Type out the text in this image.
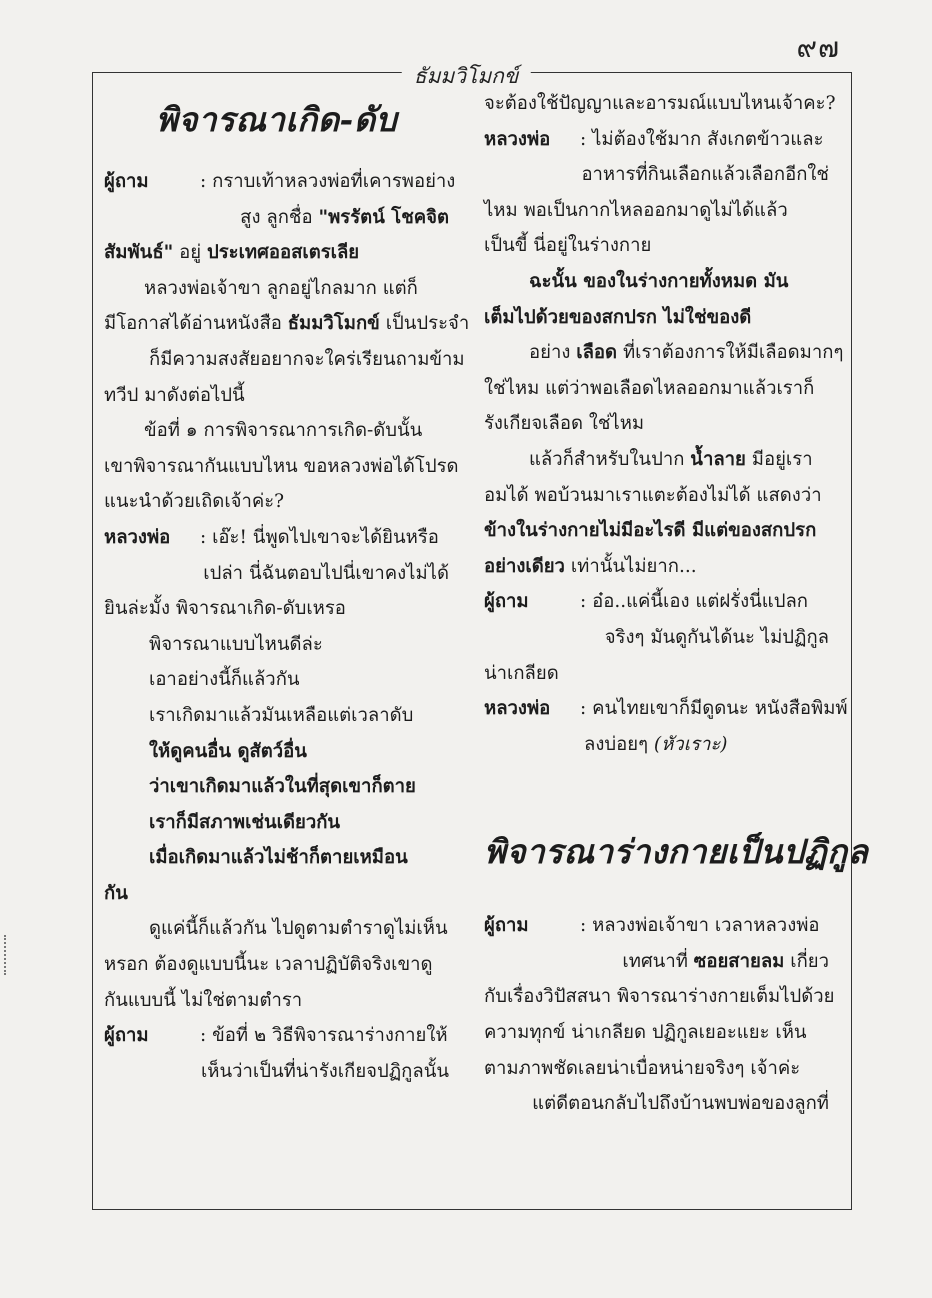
๙๗
ธัมมวิโมกข์

พิจารณาเกิด-ดับ

ผู้ถาม	: กราบเท้าหลวงพ่อที่เคารพอย่าง

สูง ลูกชื่อ "พรรัตน์ โชคจิต

สัมพันธ์" อยู่ ประเทศออสเตรเลีย

หลวงพ่อเจ้าขา ลูกอยู่ไกลมาก แต่ก็

มีโอกาสได้อ่านหนังสือ ธัมมวิโมกข์ เป็นประจำ

ก็มีความสงสัยอยากจะใคร่เรียนถามข้าม

ทวีป มาดังต่อไปนี้

ข้อที่ ๑ การพิจารณาการเกิด-ดับนั้น

เขาพิจารณากันแบบไหน ขอหลวงพ่อได้โปรด

แนะนำด้วยเถิดเจ้าค่ะ?

หลวงพ่อ : เอ๊ะ! นี่พูดไปเขาจะได้ยินหรือ

เปล่า นี่ฉันตอบไปนี่เขาคงไม่ได้

ยินล่ะมั้ง พิจารณาเกิด-ดับเหรอ

พิจารณาแบบไหนดีล่ะ

เอาอย่างนี้ก็แล้วกัน

เราเกิดมาแล้วมันเหลือแต่เวลาดับ

ให้ดูคนอื่น ดูสัตว์อื่น

ว่าเขาเกิดมาแล้วในที่สุดเขาก็ตาย

เราก็มีสภาพเช่นเดียวกัน

เมื่อเกิดมาแล้วไม่ช้าก็ตายเหมือน

กัน

ดูแค่นี้ก็แล้วกัน ไปดูตามตำราดูไม่เห็น

หรอก ต้องดูแบบนี้นะ เวลาปฏิบัติจริงเขาดู

กันแบบนี้ ไม่ใช่ตามตำรา

ผู้ถาม	: ข้อที่ ๒ วิธีพิจารณาร่างกายให้

เห็นว่าเป็นที่น่ารังเกียจปฏิกูลนั้น

จะต้องใช้ปัญญาและอารมณ์แบบไหนเจ้าคะ?

หลวงพ่อ : ไม่ต้องใช้มาก สังเกตข้าวและ

อาหารที่กินเลือกแล้วเลือกอีกใช่

ไหม พอเป็นกากไหลออกมาดูไม่ได้แล้ว

เป็นขี้ นี่อยู่ในร่างกาย

ฉะนั้น ของในร่างกายทั้งหมด มัน

เต็มไปด้วยของสกปรก ไม่ใช่ของดี

อย่าง เลือด ที่เราต้องการให้มีเลือดมากๆ

ใช่ไหม แต่ว่าพอเลือดไหลออกมาแล้วเราก็

รังเกียจเลือด ใช่ไหม

แล้วก็สำหรับในปาก น้ำลาย มีอยู่เรา

อมได้ พอบ้วนมาเราแตะต้องไม่ได้ แสดงว่า

ข้างในร่างกายไม่มีอะไรดี มีแต่ของสกปรก

อย่างเดียว เท่านั้นไม่ยาก...

ผู้ถาม	: อ๋อ..แค่นี้เอง แต่ฝรั่งนี่แปลก

จริงๆ มันดูกันได้นะ ไม่ปฏิกูล

น่าเกลียด

หลวงพ่อ : คนไทยเขาก็มีดูดนะ หนังสือพิมพ์

ลงบ่อยๆ (หัวเราะ)

พิจารณาร่างกายเป็นปฏิกูล

ผู้ถาม	: หลวงพ่อเจ้าขา เวลาหลวงพ่อ

เทศนาที่ ซอยสายลม เกี่ยว

กับเรื่องวิปัสสนา พิจารณาร่างกายเต็มไปด้วย

ความทุกข์ น่าเกลียด ปฏิกูลเยอะแยะ เห็น

ตามภาพชัดเลยน่าเบื่อหน่ายจริงๆ เจ้าค่ะ

แต่ดีตอนกลับไปถึงบ้านพบพ่อของลูกที่
